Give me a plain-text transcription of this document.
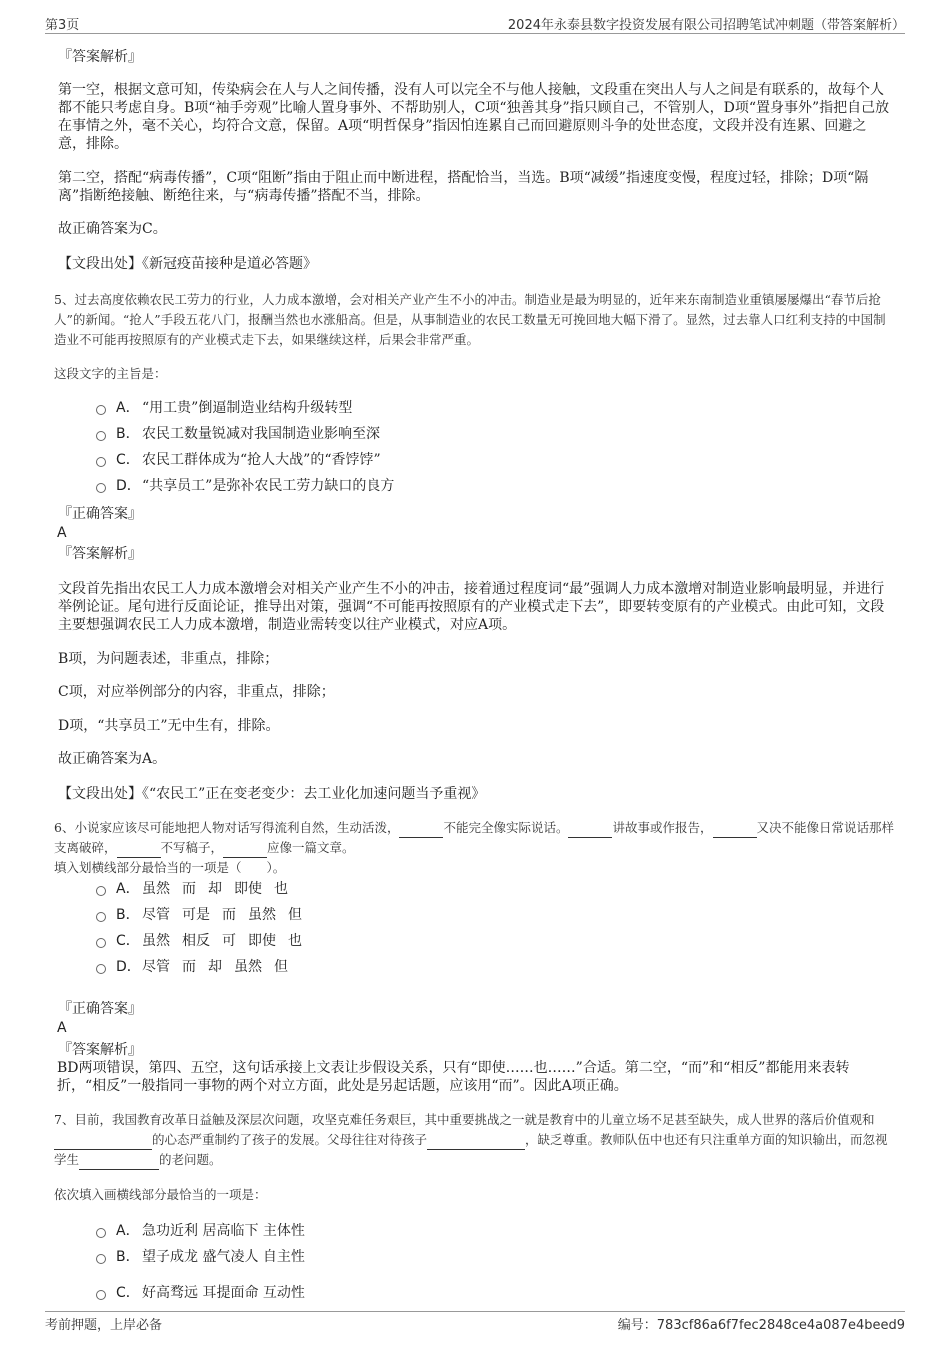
第3页	2024年永泰县数字投资发展有限公司招聘笔试冲刺题（带答案解析）
『答案解析』
第一空，根据文意可知，传染病会在人与人之间传播，没有人可以完全不与他人接触，文段重在突出人与人之间是有联系的，故每个人都不能只考虑自身。B项“袖手旁观”比喻人置身事外、不帮助别人，C项“独善其身”指只顾自己，不管别人，D项“置身事外”指把自己放在事情之外，毫不关心，均符合文意，保留。A项“明哲保身”指因怕连累自己而回避原则斗争的处世态度，文段并没有连累、回避之意，排除。
第二空，搭配“病毒传播”，C项“阻断”指由于阻止而中断进程，搭配恰当，当选。B项“减缓”指速度变慢，程度过轻，排除；D项“隔离”指断绝接触、断绝往来，与“病毒传播”搭配不当，排除。
故正确答案为C。
【文段出处】《新冠疫苗接种是道必答题》
5、过去高度依赖农民工劳力的行业，人力成本激增，会对相关产业产生不小的冲击。制造业是最为明显的，近年来东南制造业重镇屡屡爆出“春节后抢人”的新闻。“抢人”手段五花八门，报酬当然也水涨船高。但是，从事制造业的农民工数量无可挽回地大幅下滑了。显然，过去靠人口红利支持的中国制造业不可能再按照原有的产业模式走下去，如果继续这样，后果会非常严重。
这段文字的主旨是：
A． “用工贵”倒逼制造业结构升级转型
B． 农民工数量锐减对我国制造业影响至深
C． 农民工群体成为“抢人大战”的“香饽饽”
D． “共享员工”是弥补农民工劳力缺口的良方
『正确答案』
A
『答案解析』
文段首先指出农民工人力成本激增会对相关产业产生不小的冲击，接着通过程度词“最”强调人力成本激增对制造业影响最明显，并进行举例论证。尾句进行反面论证，推导出对策，强调“不可能再按照原有的产业模式走下去”，即要转变原有的产业模式。由此可知，文段主要想强调农民工人力成本激增，制造业需转变以往产业模式，对应A项。
B项，为问题表述，非重点，排除；
C项，对应举例部分的内容，非重点，排除；
D项，“共享员工”无中生有，排除。
故正确答案为A。
【文段出处】《“农民工”正在变老变少：去工业化加速问题当予重视》
6、小说家应该尽可能地把人物对话写得流利自然，生动活泼，	不能完全像实际说话。	讲故事或作报告，	又决不能像日常说话那样支离破碎，	不写稿子，	应像一篇文章。
填入划横线部分最恰当的一项是（　　）。
A． 虽然 而 却 即使 也
B． 尽管 可是 而 虽然 但
C． 虽然 相反 可 即使 也
D． 尽管 而 却 虽然 但
『正确答案』
A
『答案解析』
BD两项错误，第四、五空，这句话承接上文表让步假设关系，只有“即使……也……”合适。第二空，“而”和“相反”都能用来表转折，“相反”一般指同一事物的两个对立方面，此处是另起话题，应该用“而”。因此A项正确。
7、目前，我国教育改革日益触及深层次问题，攻坚克难任务艰巨，其中重要挑战之一就是教育中的儿童立场不足甚至缺失，成人世界的落后价值观和的心态严重制约了孩子的发展。父母往往对待孩子	，缺乏尊重。教师队伍中也还有只注重单方面的知识输出，而忽视学生	的老问题。
依次填入画横线部分最恰当的一项是：
A． 急功近利 居高临下 主体性
B． 望子成龙 盛气凌人 自主性
C． 好高骛远 耳提面命 互动性
考前押题，上岸必备	编号：783cf86a6f7fec2848ce4a087e4beed9
